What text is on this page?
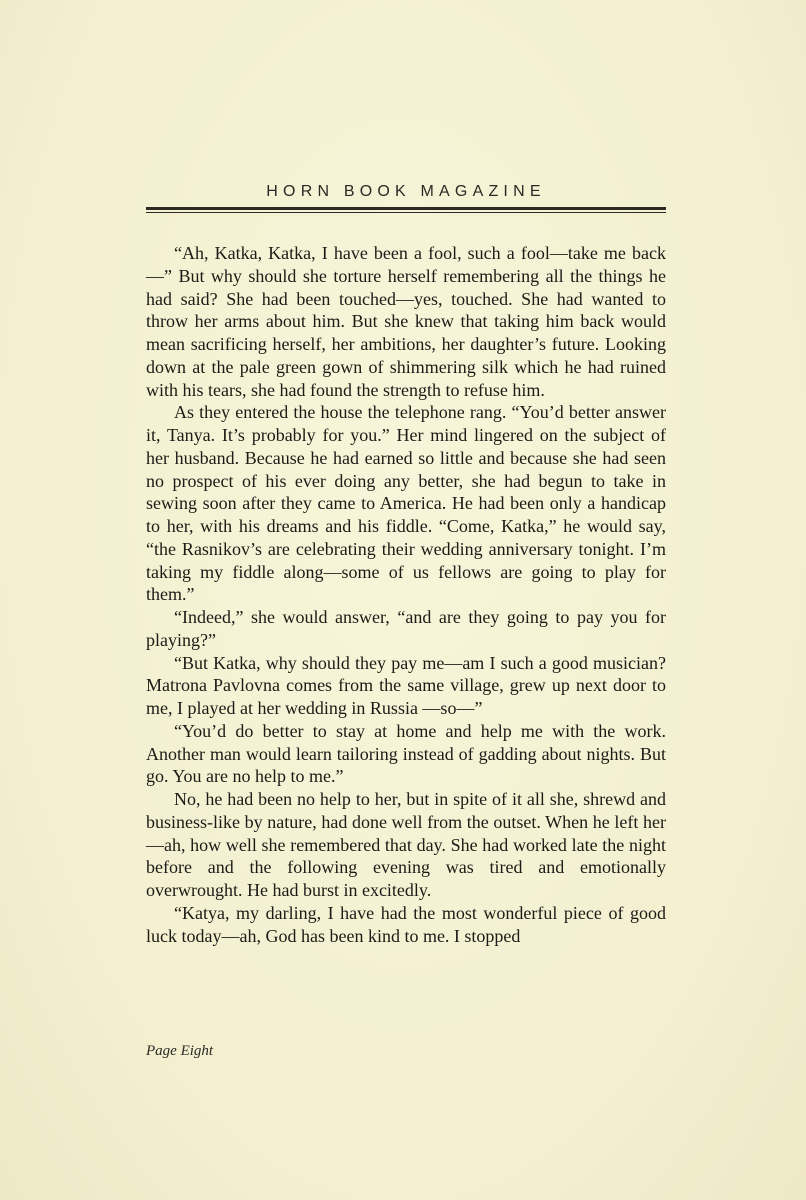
HORN BOOK MAGAZINE

“Ah, Katka, Katka, I have been a fool, such a fool—take me back—” But why should she torture herself remembering all the things he had said? She had been touched—yes, touched. She had wanted to throw her arms about him. But she knew that taking him back would mean sacrificing herself, her ambitions, her daughter’s future. Looking down at the pale green gown of shimmering silk which he had ruined with his tears, she had found the strength to refuse him.

As they entered the house the telephone rang. “You’d better answer it, Tanya. It’s probably for you.” Her mind lingered on the subject of her husband. Because he had earned so little and because she had seen no prospect of his ever doing any better, she had begun to take in sewing soon after they came to America. He had been only a handicap to her, with his dreams and his fiddle. “Come, Katka,” he would say, “the Rasnikov’s are celebrating their wedding anniversary tonight. I’m taking my fiddle along—some of us fellows are going to play for them.”

“Indeed,” she would answer, “and are they going to pay you for playing?”

“But Katka, why should they pay me—am I such a good musician? Matrona Pavlovna comes from the same village, grew up next door to me, I played at her wedding in Russia —so—”

“You’d do better to stay at home and help me with the work. Another man would learn tailoring instead of gadding about nights. But go. You are no help to me.”

No, he had been no help to her, but in spite of it all she, shrewd and business-like by nature, had done well from the outset. When he left her—ah, how well she remembered that day. She had worked late the night before and the following evening was tired and emotionally overwrought. He had burst in excitedly.

“Katya, my darling, I have had the most wonderful piece of good luck today—ah, God has been kind to me. I stopped

Page Eight
